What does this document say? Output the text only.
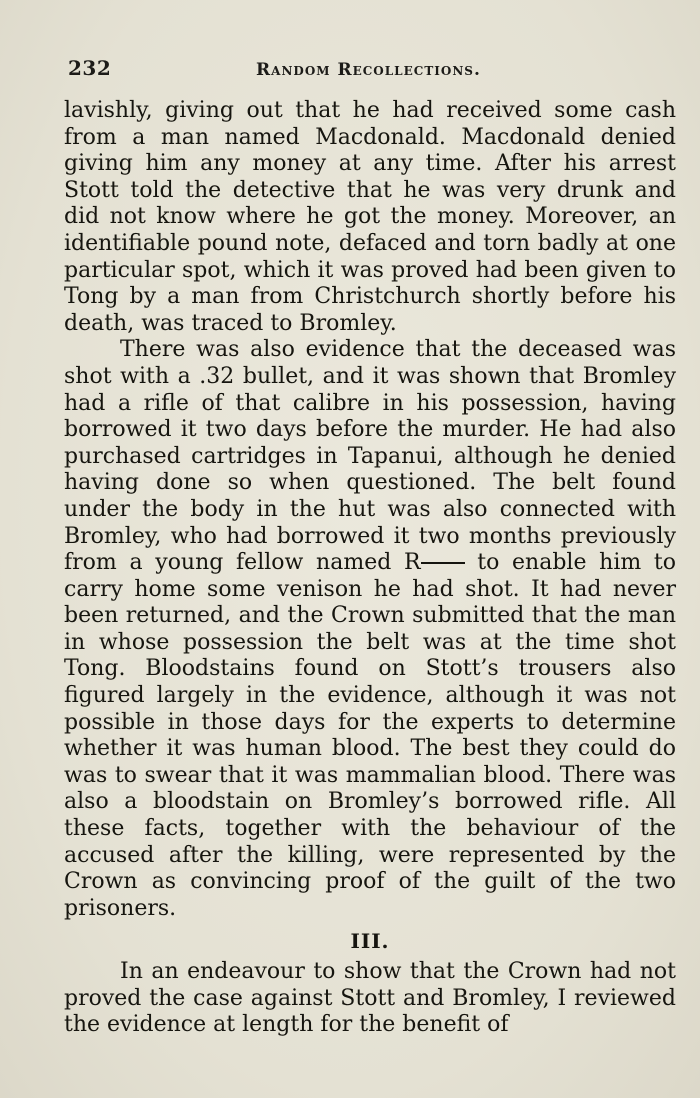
232	Random Recollections.

lavishly, giving out that he had received some cash from a man named Macdonald. Macdonald denied giving him any money at any time. After his arrest Stott told the detective that he was very drunk and did not know where he got the money. Moreover, an identifiable pound note, defaced and torn badly at one particular spot, which it was proved had been given to Tong by a man from Christchurch shortly before his death, was traced to Bromley.

There was also evidence that the deceased was shot with a .32 bullet, and it was shown that Bromley had a rifle of that calibre in his possession, having borrowed it two days before the murder. He had also purchased cartridges in Tapanui, although he denied having done so when questioned. The belt found under the body in the hut was also connected with Bromley, who had borrowed it two months previously from a young fellow named R to enable him to carry home some venison he had shot. It had never been returned, and the Crown submitted that the man in whose possession the belt was at the time shot Tong. Bloodstains found on Stott’s trousers also figured largely in the evidence, although it was not possible in those days for the experts to determine whether it was human blood. The best they could do was to swear that it was mammalian blood. There was also a bloodstain on Bromley’s borrowed rifle. All these facts, together with the behaviour of the accused after the killing, were represented by the Crown as convincing proof of the guilt of the two prisoners.

III.

In an endeavour to show that the Crown had not proved the case against Stott and Bromley, I reviewed the evidence at length for the benefit of
